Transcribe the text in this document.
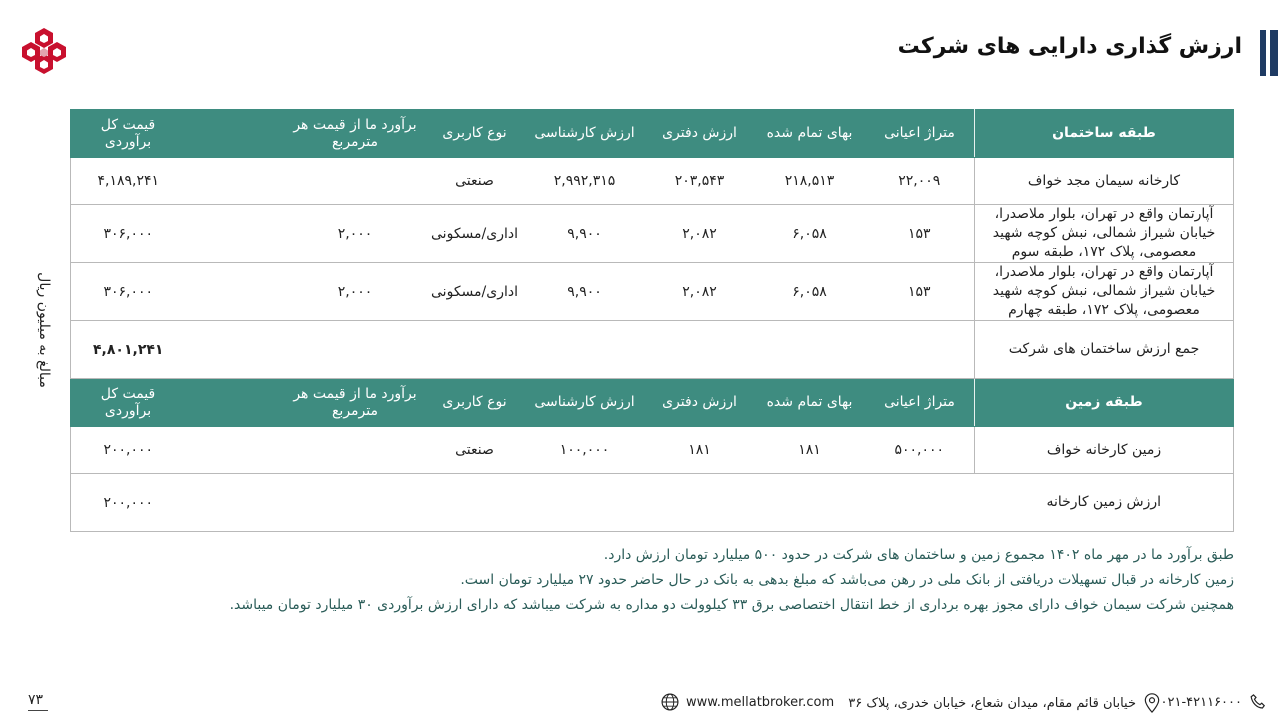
ارزش گذاری دارایی های شرکت
مبالغ به میلیون ریال
طبقه ساختمان	متراژ اعیانی	بهای تمام شده	ارزش دفتری	ارزش کارشناسی	نوع کاربری	برآورد ما از قیمت هر مترمربع		قیمت کل برآوردی
کارخانه سیمان مجد خواف	۲۲,۰۰۹	۲۱۸,۵۱۳	۲۰۳,۵۴۳	۲,۹۹۲,۳۱۵	صنعتی			۴,۱۸۹,۲۴۱
آپارتمان واقع در تهران، بلوار ملاصدرا، خیابان شیراز شمالی، نبش کوچه شهید معصومی، پلاک ۱۷۲، طبقه سوم	۱۵۳	۶,۰۵۸	۲,۰۸۲	۹,۹۰۰	اداری/مسکونی	۲,۰۰۰		۳۰۶,۰۰۰
آپارتمان واقع در تهران، بلوار ملاصدرا، خیابان شیراز شمالی، نبش کوچه شهید معصومی، پلاک ۱۷۲، طبقه چهارم	۱۵۳	۶,۰۵۸	۲,۰۸۲	۹,۹۰۰	اداری/مسکونی	۲,۰۰۰		۳۰۶,۰۰۰
جمع ارزش ساختمان های شرکت								۴,۸۰۱,۲۴۱
طبقه زمین	متراژ اعیانی	بهای تمام شده	ارزش دفتری	ارزش کارشناسی	نوع کاربری	برآورد ما از قیمت هر مترمربع		قیمت کل برآوردی
زمین کارخانه خواف	۵۰۰,۰۰۰	۱۸۱	۱۸۱	۱۰۰,۰۰۰	صنعتی			۲۰۰,۰۰۰
ارزش زمین کارخانه								۲۰۰,۰۰۰

طبق برآورد ما در مهر ماه ۱۴۰۲ مجموع زمین و ساختمان های شرکت در حدود ۵۰۰ میلیارد تومان ارزش دارد.

زمین کارخانه در قبال تسهیلات دریافتی از بانک ملی در رهن می‌باشد که مبلغ بدهی به بانک در حال حاضر حدود ۲۷ میلیارد تومان است.

همچنین شرکت سیمان خواف دارای مجوز بهره برداری از خط انتقال اختصاصی برق ۳۳ کیلوولت دو مداره به شرکت میباشد که دارای ارزش برآوردی ۳۰ میلیارد تومان میباشد.

۷۳	۰۲۱-۴۲۱۱۶۰۰۰
خیابان قائم مقام، میدان شعاع، خیابان خدری، پلاک ۳۶
www.mellatbroker.com
